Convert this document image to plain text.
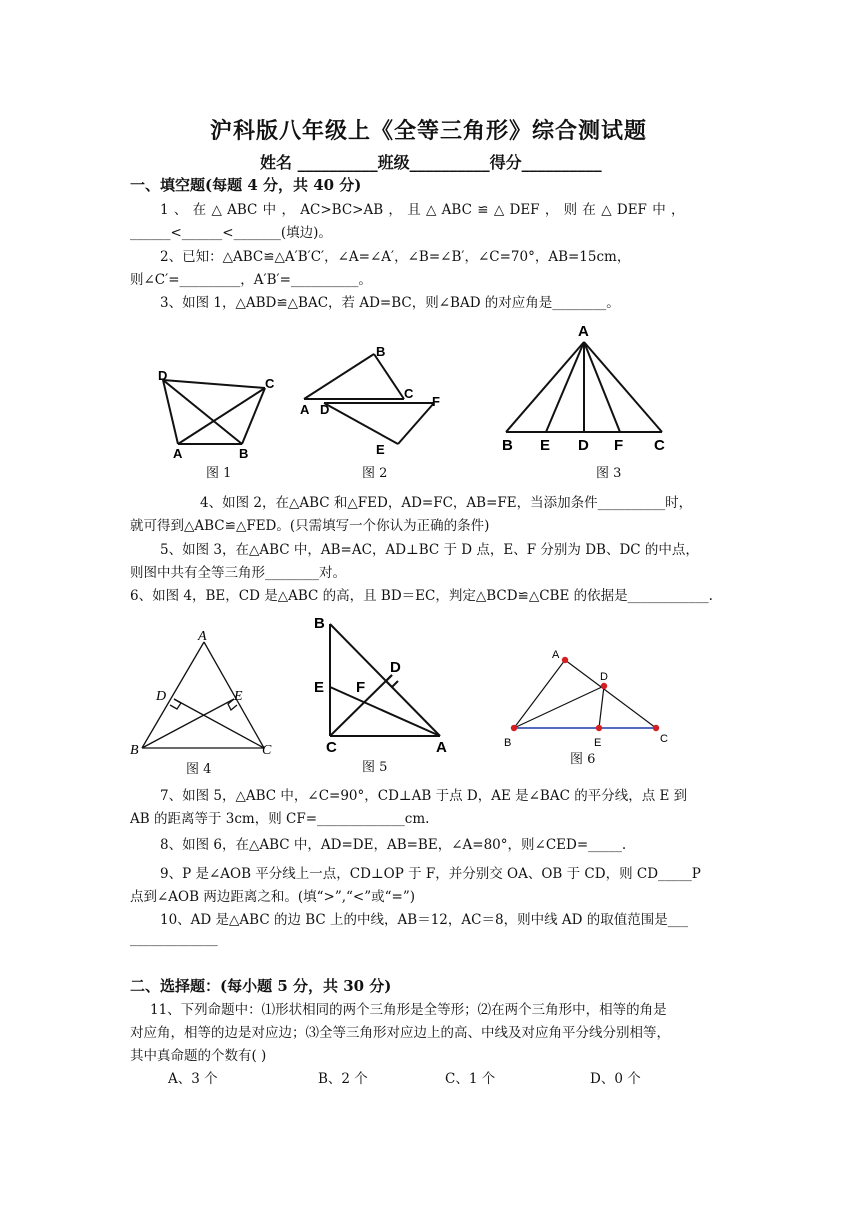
沪科版八年级上《全等三角形》综合测试题
姓名 __________班级__________得分__________
一、填空题(每题 4 分，共 40 分)
1 、 在 △ ABC 中 ， AC>BC>AB ， 且 △ ABC ≌ △ DEF ， 则 在 △ DEF 中 ，
______<______<_______(填边)。
2、已知：△ABC≌△A′B′C′，∠A=∠A′，∠B=∠B′，∠C=70°，AB=15cm，
则∠C′=_________，A′B′=__________。
3、如图 1，△ABD≌△BAC，若 AD=BC，则∠BAD 的对应角是________。
D
C
A	B
图 1
B
A D
C
F
E
图 2
A
B E D F C
图 3
4、如图 2，在△ABC 和△FED，AD=FC，AB=FE，当添加条件__________时，
就可得到△ABC≌△FED。(只需填写一个你认为正确的条件)
5、如图 3，在△ABC 中，AB=AC，AD⊥BC 于 D 点，E、F 分别为 DB、DC 的中点，
则图中共有全等三角形________对。
6、如图 4，BE，CD 是△ABC 的高，且 BD＝EC，判定△BCD≌△CBE 的依据是____________.
A
D	E
B	C
图 4
B
D
E F
C	A
图 5
A
D
B	E	C
图 6
7、如图 5，△ABC 中，∠C=90°，CD⊥AB 于点 D，AE 是∠BAC 的平分线，点 E 到
AB 的距离等于 3cm，则 CF=_____________cm.
8、如图 6，在△ABC 中，AD=DE，AB=BE，∠A=80°，则∠CED=_____.
9、P 是∠AOB 平分线上一点，CD⊥OP 于 F，并分别交 OA、OB 于 CD，则 CD_____P
点到∠AOB 两边距离之和。(填“>”,“<”或“=”)
10、AD 是△ABC 的边 BC 上的中线，AB＝12，AC＝8，则中线 AD 的取值范围是___
_____________
二、选择题：(每小题 5 分，共 30 分)
11、下列命题中：⑴形状相同的两个三角形是全等形；⑵在两个三角形中，相等的角是
对应角，相等的边是对应边；⑶全等三角形对应边上的高、中线及对应角平分线分别相等，
其中真命题的个数有( )
A、3 个	B、2 个	C、1 个	D、0 个
